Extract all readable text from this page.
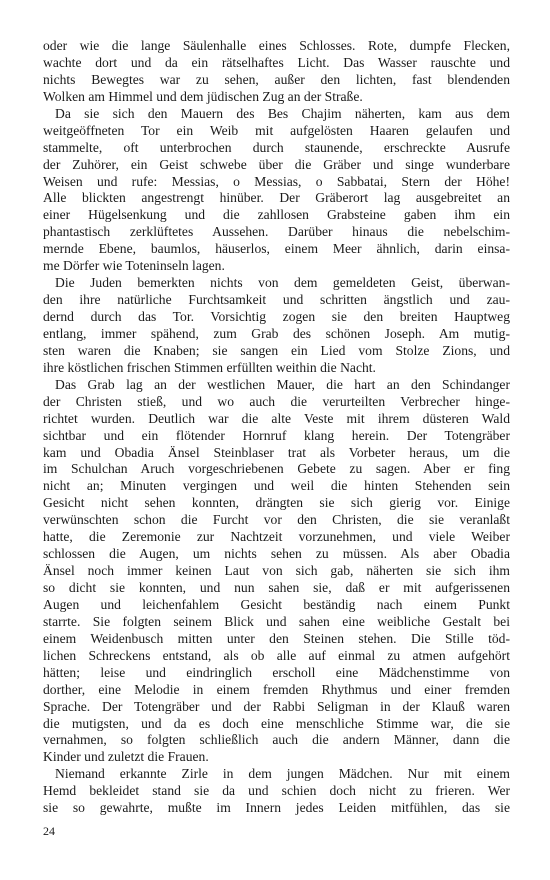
oder wie die lange Säulenhalle eines Schlosses. Rote, dumpfe Flecken,
wachte dort und da ein rätselhaftes Licht. Das Wasser rauschte und
nichts Bewegtes war zu sehen, außer den lichten, fast blendenden
Wolken am Himmel und dem jüdischen Zug an der Straße.
Da sie sich den Mauern des Bes Chajim näherten, kam aus dem
weitgeöffneten Tor ein Weib mit aufgelösten Haaren gelaufen und
stammelte, oft unterbrochen durch staunende, erschreckte Ausrufe
der Zuhörer, ein Geist schwebe über die Gräber und singe wunderbare
Weisen und rufe: Messias, o Messias, o Sabbatai, Stern der Höhe!
Alle blickten angestrengt hinüber. Der Gräberort lag ausgebreitet an
einer Hügelsenkung und die zahllosen Grabsteine gaben ihm ein
phantastisch zerklüftetes Aussehen. Darüber hinaus die nebelschim-
mernde Ebene, baumlos, häuserlos, einem Meer ähnlich, darin einsa-
me Dörfer wie Toteninseln lagen.
Die Juden bemerkten nichts von dem gemeldeten Geist, überwan-
den ihre natürliche Furchtsamkeit und schritten ängstlich und zau-
dernd durch das Tor. Vorsichtig zogen sie den breiten Hauptweg
entlang, immer spähend, zum Grab des schönen Joseph. Am mutig-
sten waren die Knaben; sie sangen ein Lied vom Stolze Zions, und
ihre köstlichen frischen Stimmen erfüllten weithin die Nacht.
Das Grab lag an der westlichen Mauer, die hart an den Schindanger
der Christen stieß, und wo auch die verurteilten Verbrecher hinge-
richtet wurden. Deutlich war die alte Veste mit ihrem düsteren Wald
sichtbar und ein flötender Hornruf klang herein. Der Totengräber
kam und Obadia Änsel Steinblaser trat als Vorbeter heraus, um die
im Schulchan Aruch vorgeschriebenen Gebete zu sagen. Aber er fing
nicht an; Minuten vergingen und weil die hinten Stehenden sein
Gesicht nicht sehen konnten, drängten sie sich gierig vor. Einige
verwünschten schon die Furcht vor den Christen, die sie veranlaßt
hatte, die Zeremonie zur Nachtzeit vorzunehmen, und viele Weiber
schlossen die Augen, um nichts sehen zu müssen. Als aber Obadia
Änsel noch immer keinen Laut von sich gab, näherten sie sich ihm
so dicht sie konnten, und nun sahen sie, daß er mit aufgerissenen
Augen und leichenfahlem Gesicht beständig nach einem Punkt
starrte. Sie folgten seinem Blick und sahen eine weibliche Gestalt bei
einem Weidenbusch mitten unter den Steinen stehen. Die Stille töd-
lichen Schreckens entstand, als ob alle auf einmal zu atmen aufgehört
hätten; leise und eindringlich erscholl eine Mädchenstimme von
dorther, eine Melodie in einem fremden Rhythmus und einer fremden
Sprache. Der Totengräber und der Rabbi Seligman in der Klauß waren
die mutigsten, und da es doch eine menschliche Stimme war, die sie
vernahmen, so folgten schließlich auch die andern Männer, dann die
Kinder und zuletzt die Frauen.
Niemand erkannte Zirle in dem jungen Mädchen. Nur mit einem
Hemd bekleidet stand sie da und schien doch nicht zu frieren. Wer
sie so gewahrte, mußte im Innern jedes Leiden mitfühlen, das sie
24
